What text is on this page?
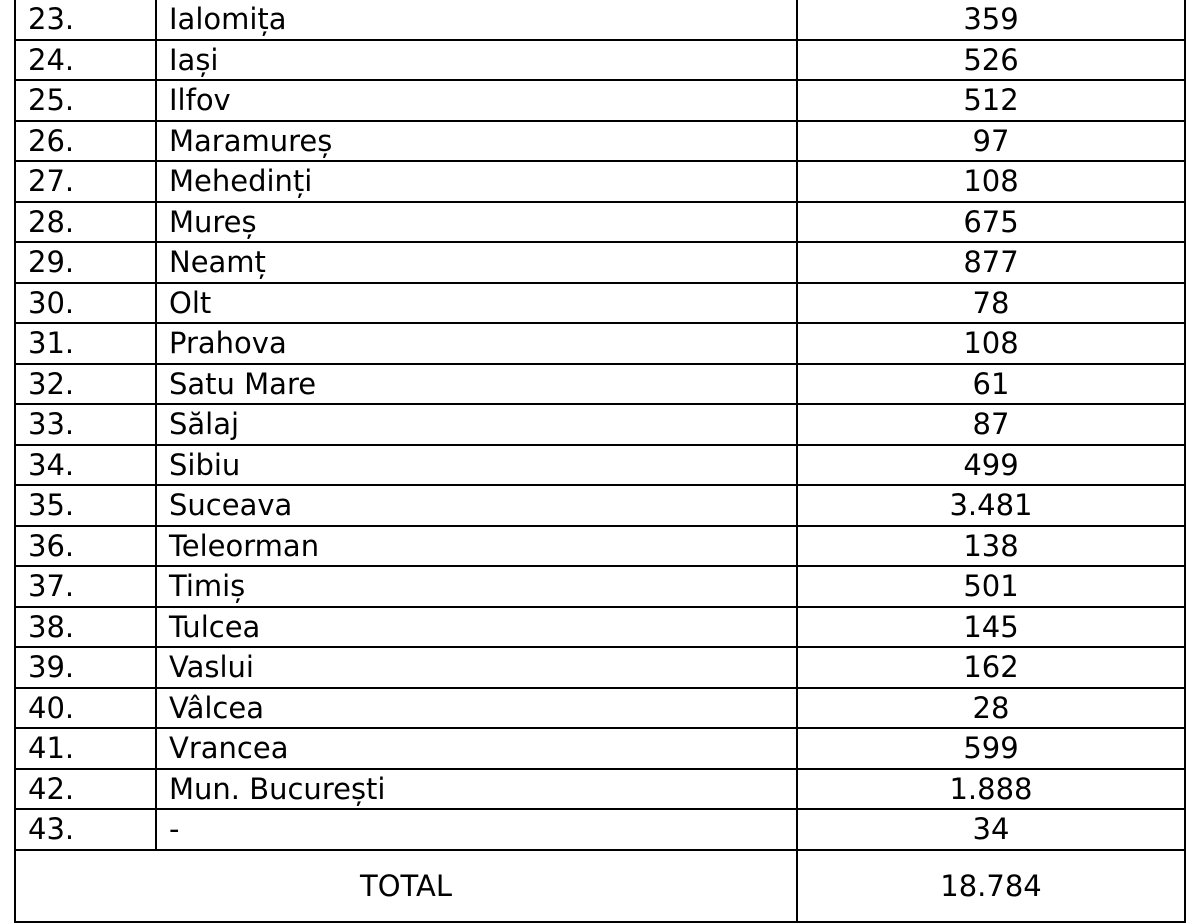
23.	Ialomița	359
24.	Iași	526
25.	Ilfov	512
26.	Maramureș	97
27.	Mehedinți	108
28.	Mureș	675
29.	Neamț	877
30.	Olt	78
31.	Prahova	108
32.	Satu Mare	61
33.	Sălaj	87
34.	Sibiu	499
35.	Suceava	3.481
36.	Teleorman	138
37.	Timiș	501
38.	Tulcea	145
39.	Vaslui	162
40.	Vâlcea	28
41.	Vrancea	599
42.	Mun. București	1.888
43.	-	34
TOTAL		18.784
